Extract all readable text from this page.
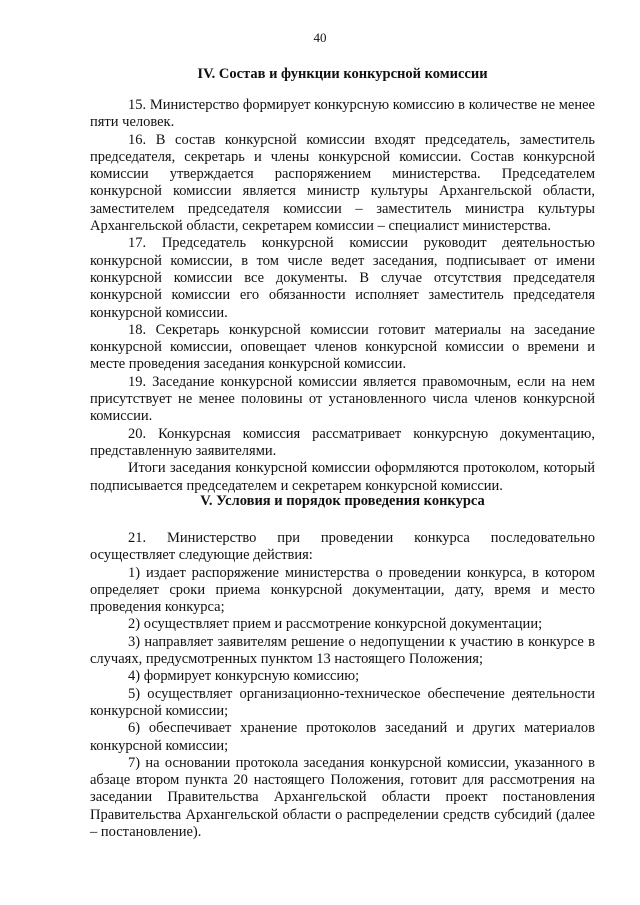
40
IV. Состав и функции конкурсной комиссии

15. Министерство формирует конкурсную комиссию в количестве не менее пяти человек.

16. В состав конкурсной комиссии входят председатель, заместитель председателя, секретарь и члены конкурсной комиссии. Состав конкурсной комиссии утверждается распоряжением министерства. Председателем конкурсной комиссии является министр культуры Архангельской области, заместителем председателя комиссии – заместитель министра культуры Архангельской области, секретарем комиссии – специалист министерства.

17. Председатель конкурсной комиссии руководит деятельностью конкурсной комиссии, в том числе ведет заседания, подписывает от имени конкурсной комиссии все документы. В случае отсутствия председателя конкурсной комиссии его обязанности исполняет заместитель председателя конкурсной комиссии.

18. Секретарь конкурсной комиссии готовит материалы на заседание конкурсной комиссии, оповещает членов конкурсной комиссии о времени и месте проведения заседания конкурсной комиссии.

19. Заседание конкурсной комиссии является правомочным, если на нем присутствует не менее половины от установленного числа членов конкурсной комиссии.

20. Конкурсная комиссия рассматривает конкурсную документацию, представленную заявителями.

Итоги заседания конкурсной комиссии оформляются протоколом, который подписывается председателем и секретарем конкурсной комиссии.

V. Условия и порядок проведения конкурса

21. Министерство при проведении конкурса последовательно осуществляет следующие действия:

1) издает распоряжение министерства о проведении конкурса, в котором определяет сроки приема конкурсной документации, дату, время и место проведения конкурса;

2) осуществляет прием и рассмотрение конкурсной документации;

3) направляет заявителям решение о недопущении к участию в конкурсе в случаях, предусмотренных пунктом 13 настоящего Положения;

4) формирует конкурсную комиссию;

5) осуществляет организационно-техническое обеспечение деятельности конкурсной комиссии;

6) обеспечивает хранение протоколов заседаний и других материалов конкурсной комиссии;

7) на основании протокола заседания конкурсной комиссии, указанного в абзаце втором пункта 20 настоящего Положения, готовит для рассмотрения на заседании Правительства Архангельской области проект постановления Правительства Архангельской области о распределении средств субсидий (далее – постановление).
